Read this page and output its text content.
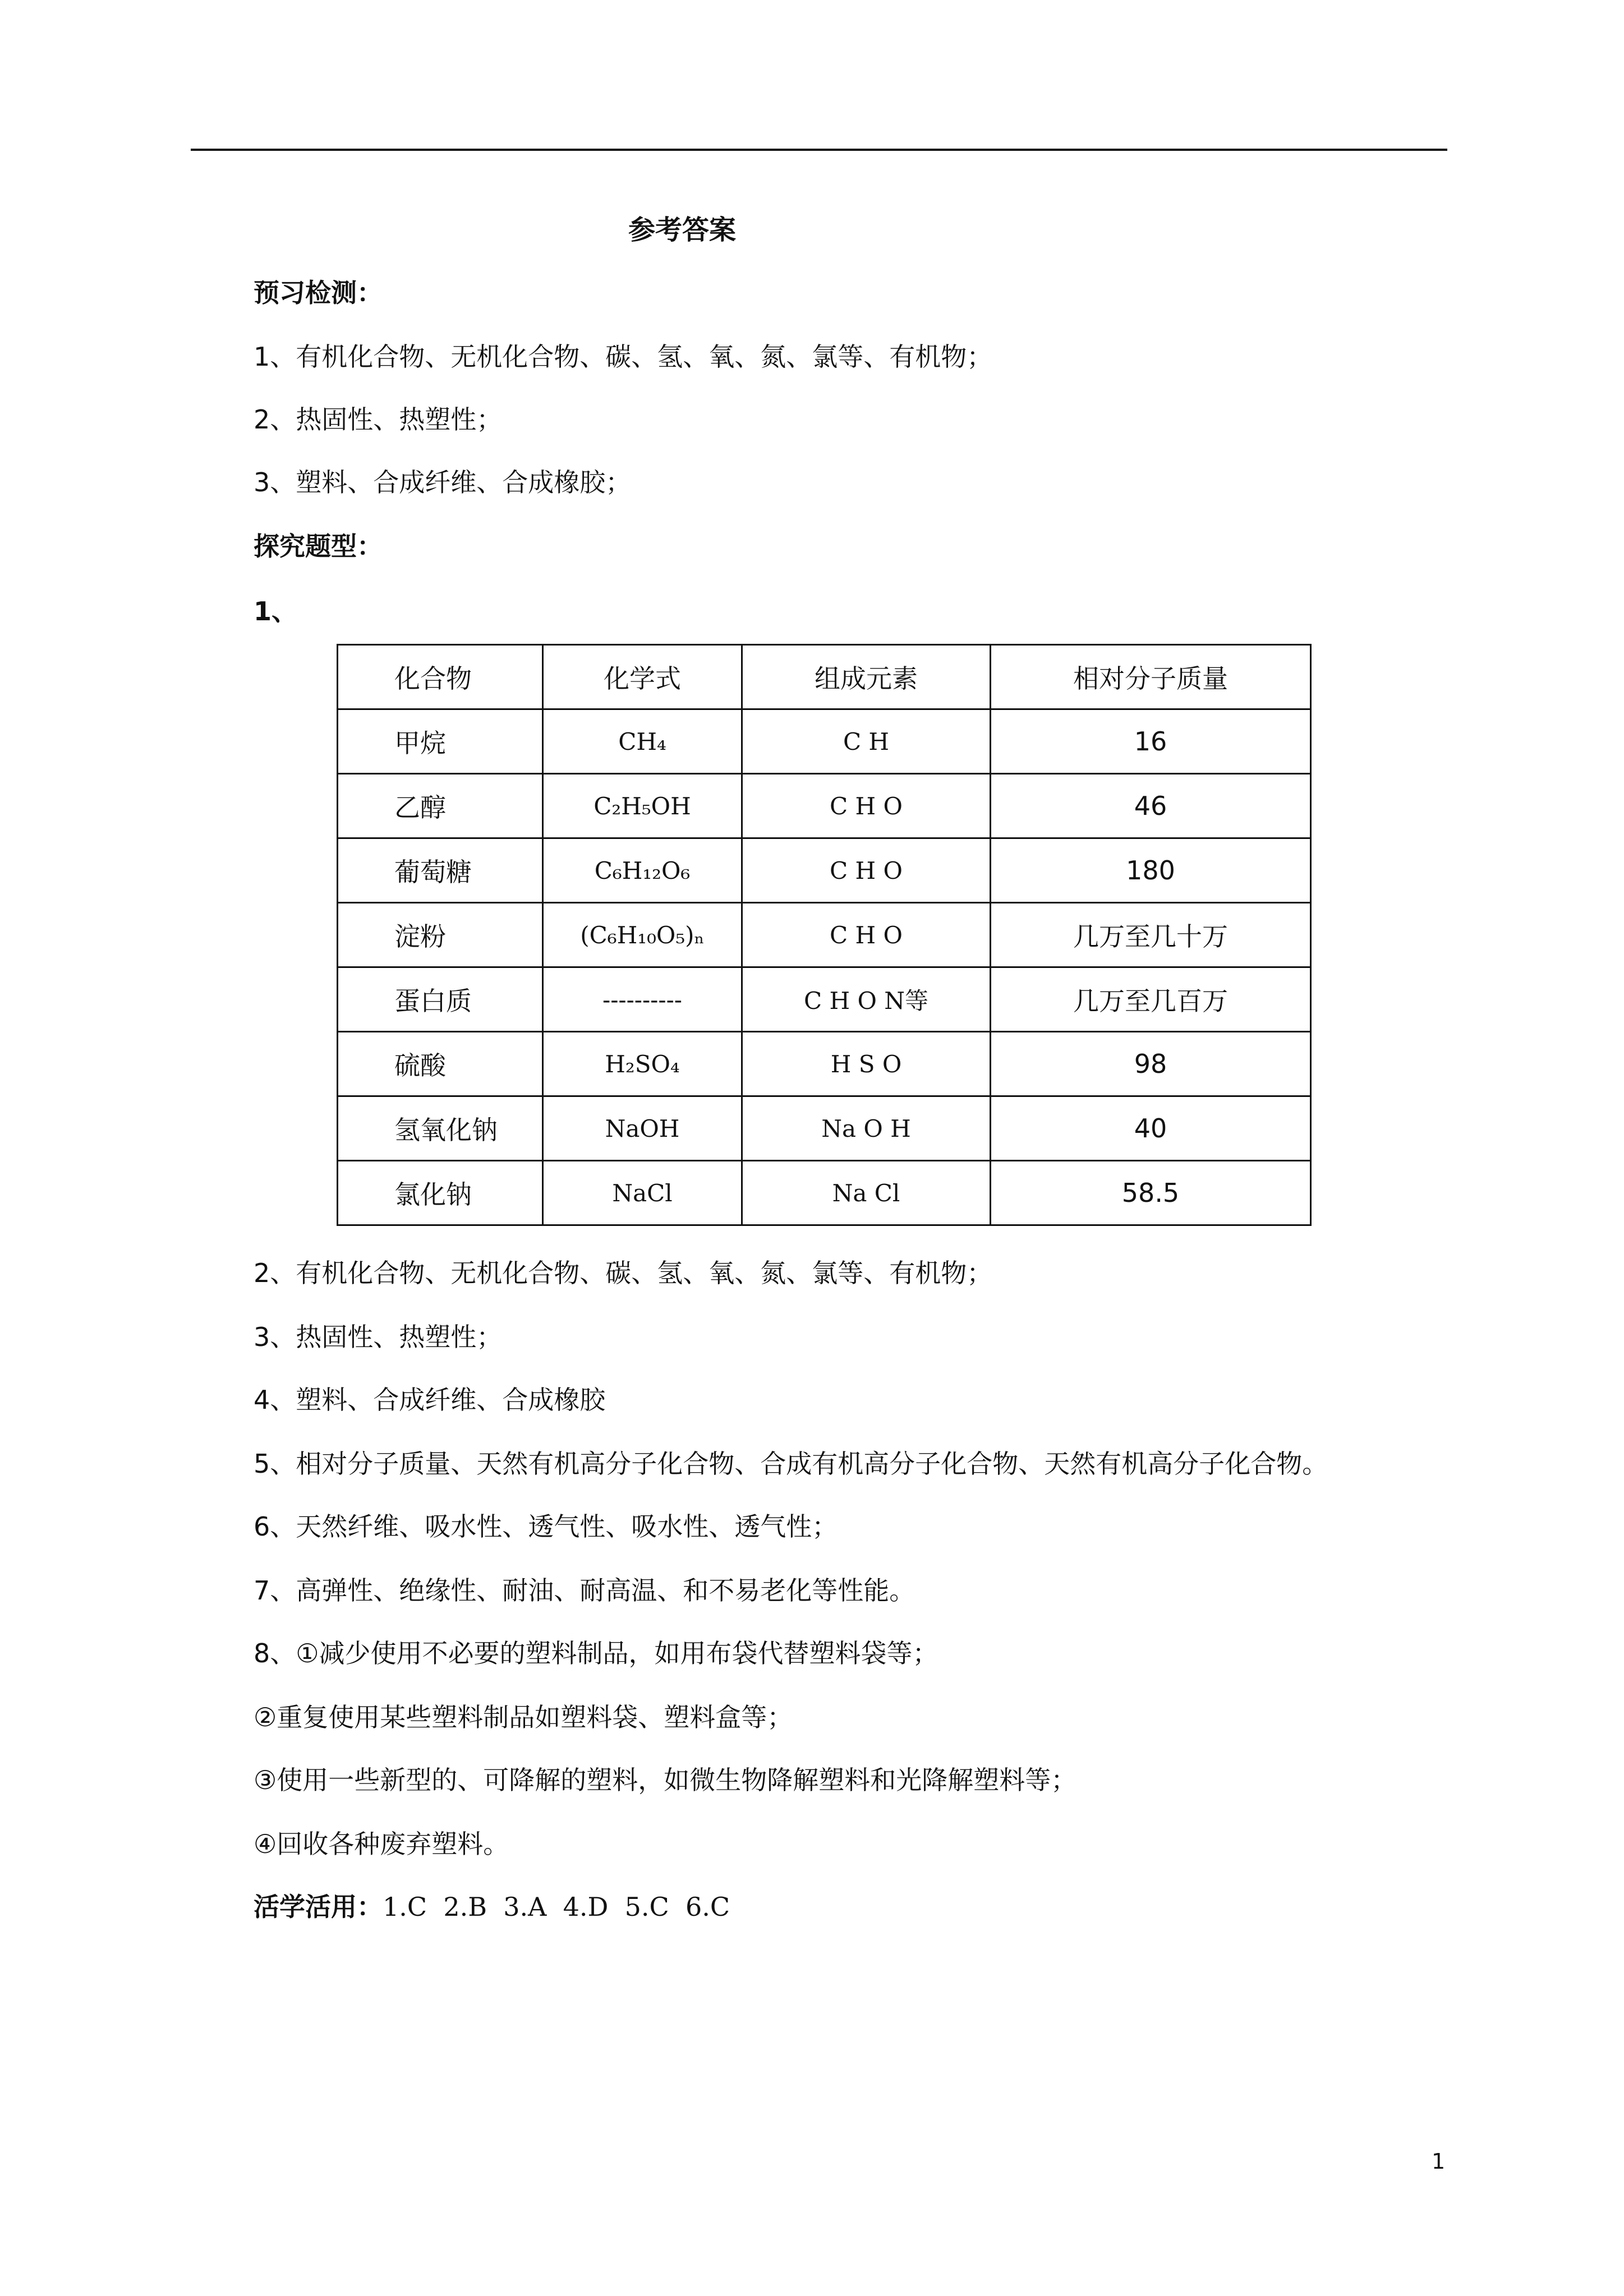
参考答案
预习检测：
1、有机化合物、无机化合物、碳、氢、氧、氮、氯等、有机物；
2、热固性、热塑性；
3、塑料、合成纤维、合成橡胶；
探究题型：
1、
化合物	化学式	组成元素	相对分子质量
甲烷	CH₄	C H	16
乙醇	C₂H₅OH	C H O	46
葡萄糖	C₆H₁₂O₆	C H O	180
淀粉	(C₆H₁₀O₅)ₙ	C H O	几万至几十万
蛋白质	----------	C H O N等	几万至几百万
硫酸	H₂SO₄	H S O	98
氢氧化钠	NaOH	Na O H	40
氯化钠	NaCl	Na Cl	58.5
2、有机化合物、无机化合物、碳、氢、氧、氮、氯等、有机物；
3、热固性、热塑性；
4、塑料、合成纤维、合成橡胶
5、相对分子质量、天然有机高分子化合物、合成有机高分子化合物、天然有机高分子化合物。
6、天然纤维、吸水性、透气性、吸水性、透气性；
7、高弹性、绝缘性、耐油、耐高温、和不易老化等性能。
8、①减少使用不必要的塑料制品，如用布袋代替塑料袋等；
②重复使用某些塑料制品如塑料袋、塑料盒等；
③使用一些新型的、可降解的塑料，如微生物降解塑料和光降解塑料等；
④回收各种废弃塑料。
活学活用：1.C  2.B  3.A  4.D  5.C  6.C
1
